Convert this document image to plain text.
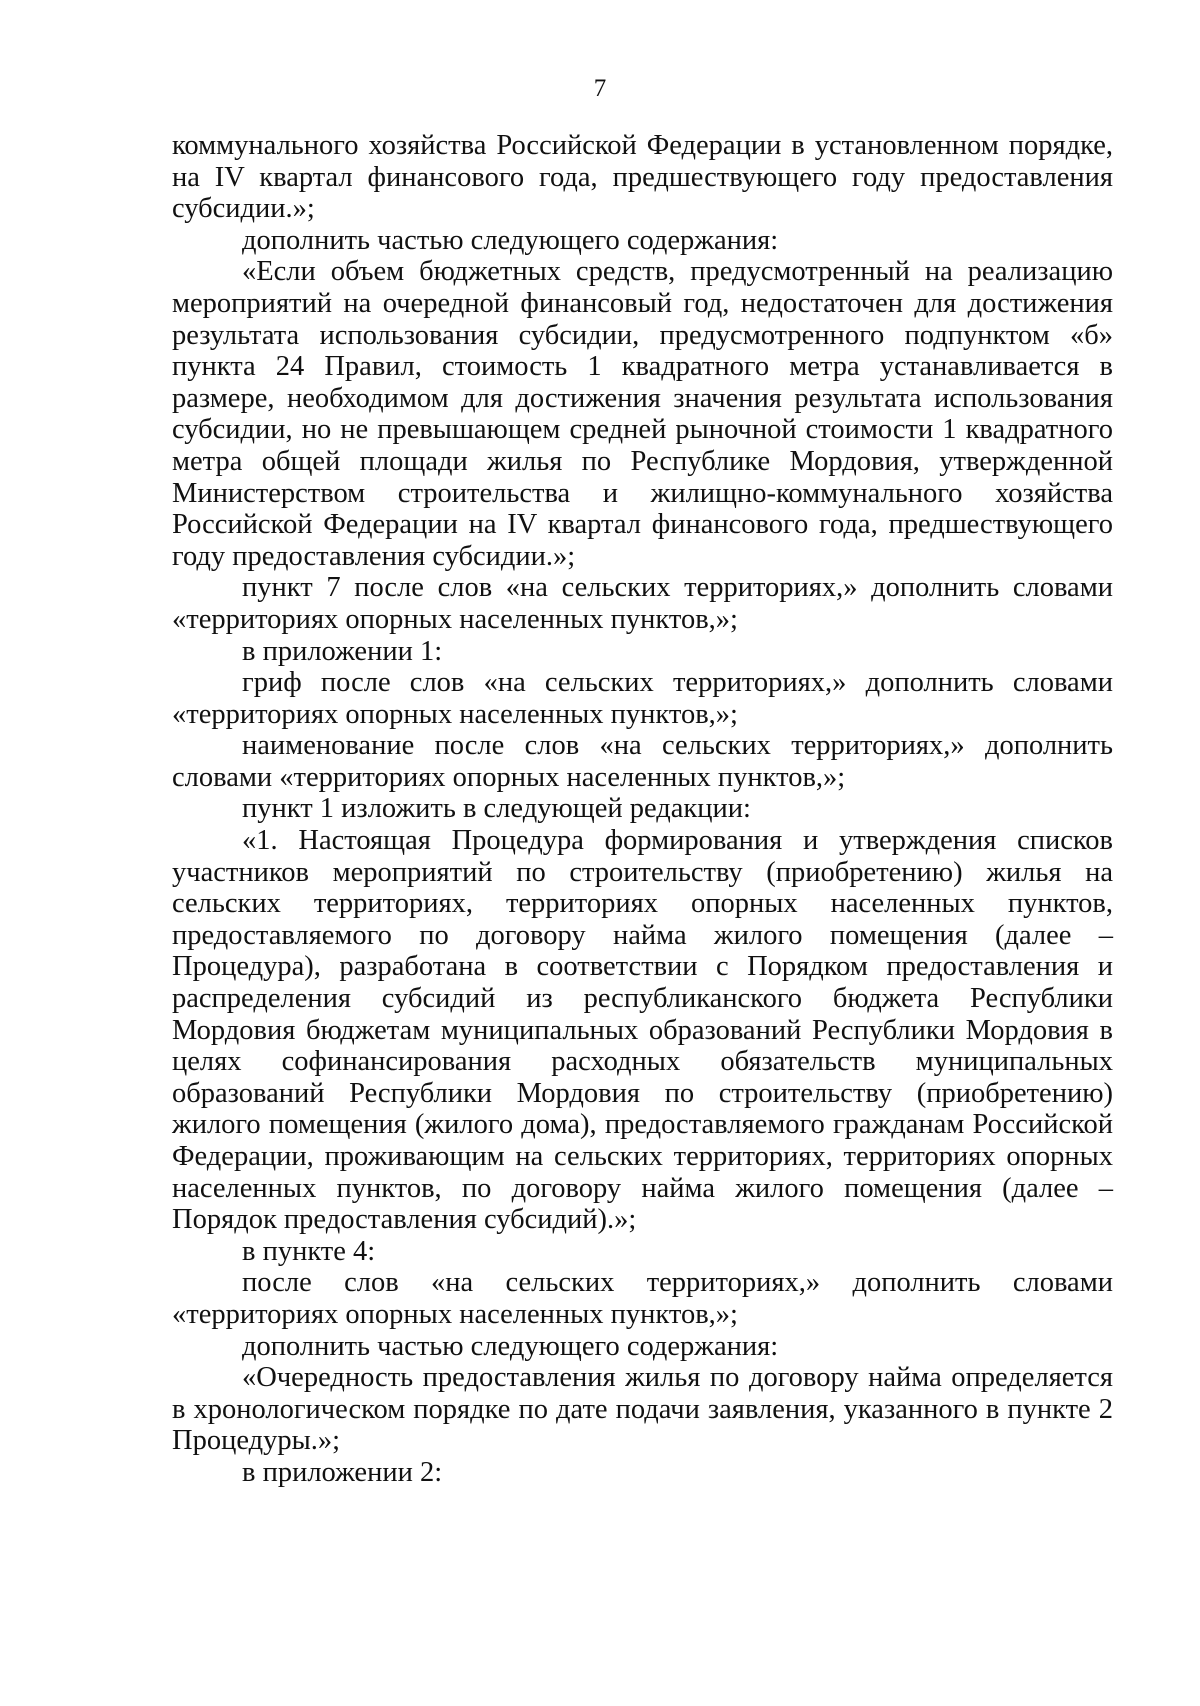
7

коммунального хозяйства Российской Федерации в установленном порядке, на IV квартал финансового года, предшествующего году предоставления субсидии.»;

дополнить частью следующего содержания:

«Если объем бюджетных средств, предусмотренный на реализацию мероприятий на очередной финансовый год, недостаточен для достижения результата использования субсидии, предусмотренного подпунктом «б» пункта 24 Правил, стоимость 1 квадратного метра устанавливается в размере, необходимом для достижения значения результата использования субсидии, но не превышающем средней рыночной стоимости 1 квадратного метра общей площади жилья по Республике Мордовия, утвержденной Министерством строительства и жилищно-коммунального хозяйства Российской Федерации на IV квартал финансового года, предшествующего году предоставления субсидии.»;

пункт 7 после слов «на сельских территориях,» дополнить словами «территориях опорных населенных пунктов,»;

в приложении 1:

гриф после слов «на сельских территориях,» дополнить словами «территориях опорных населенных пунктов,»;

наименование после слов «на сельских территориях,» дополнить словами «территориях опорных населенных пунктов,»;

пункт 1 изложить в следующей редакции:

«1. Настоящая Процедура формирования и утверждения списков участников мероприятий по строительству (приобретению) жилья на сельских территориях, территориях опорных населенных пунктов, предоставляемого по договору найма жилого помещения (далее – Процедура), разработана в соответствии с Порядком предоставления и распределения субсидий из республиканского бюджета Республики Мордовия бюджетам муниципальных образований Республики Мордовия в целях софинансирования расходных обязательств муниципальных образований Республики Мордовия по строительству (приобретению) жилого помещения (жилого дома), предоставляемого гражданам Российской Федерации, проживающим на сельских территориях, территориях опорных населенных пунктов, по договору найма жилого помещения (далее – Порядок предоставления субсидий).»;

в пункте 4:

после слов «на сельских территориях,» дополнить словами «территориях опорных населенных пунктов,»;

дополнить частью следующего содержания:

«Очередность предоставления жилья по договору найма определяется в хронологическом порядке по дате подачи заявления, указанного в пункте 2 Процедуры.»;

в приложении 2:
